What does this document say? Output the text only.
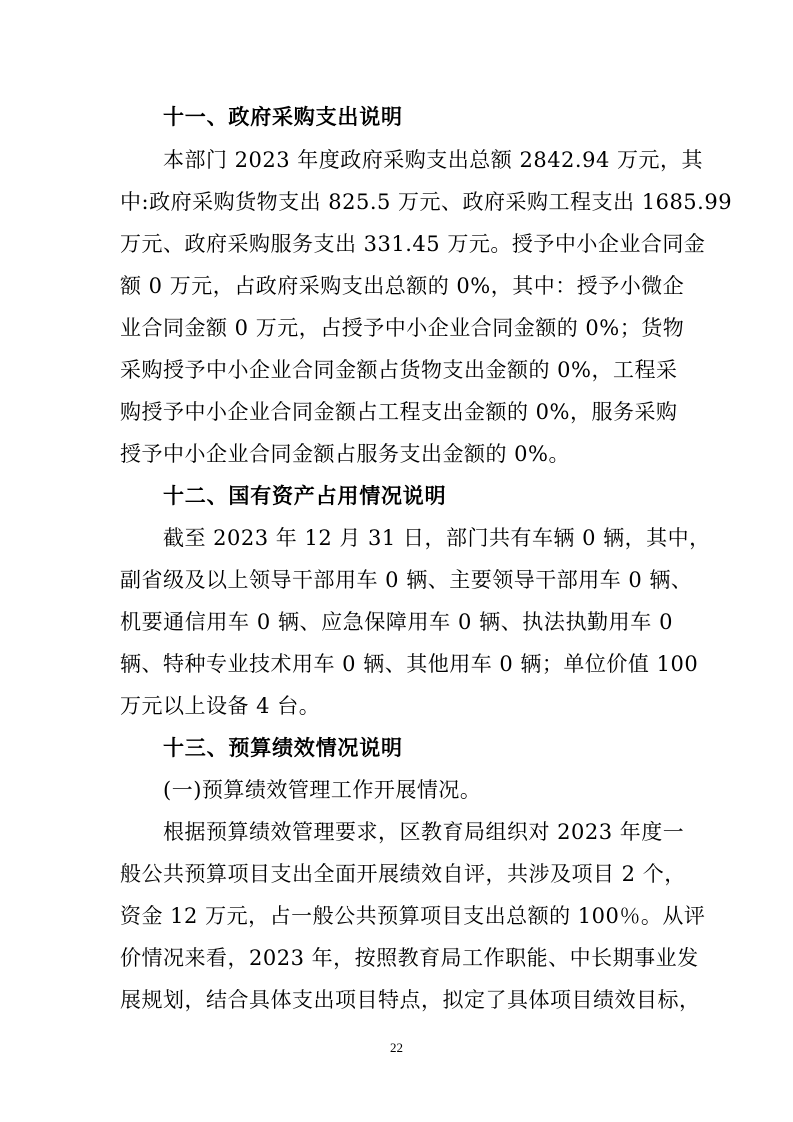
十一、政府采购支出说明
本部门 2023 年度政府采购支出总额 2842.94 万元，其
中:政府采购货物支出 825.5 万元、政府采购工程支出 1685.99
万元、政府采购服务支出 331.45 万元。授予中小企业合同金
额 0 万元，占政府采购支出总额的 0%，其中：授予小微企
业合同金额 0 万元，占授予中小企业合同金额的 0%；货物
采购授予中小企业合同金额占货物支出金额的 0%，工程采
购授予中小企业合同金额占工程支出金额的 0%，服务采购
授予中小企业合同金额占服务支出金额的 0%。
十二、国有资产占用情况说明
截至 2023 年 12 月 31 日，部门共有车辆 0 辆，其中，
副省级及以上领导干部用车 0 辆、主要领导干部用车 0 辆、
机要通信用车 0 辆、应急保障用车 0 辆、执法执勤用车 0
辆、特种专业技术用车 0 辆、其他用车 0 辆；单位价值 100
万元以上设备 4 台。
十三、预算绩效情况说明
(一)预算绩效管理工作开展情况。
根据预算绩效管理要求，区教育局组织对 2023 年度一
般公共预算项目支出全面开展绩效自评，共涉及项目 2 个，
资金 12 万元，占一般公共预算项目支出总额的 100％。从评
价情况来看，2023 年，按照教育局工作职能、中长期事业发
展规划，结合具体支出项目特点，拟定了具体项目绩效目标，
22
